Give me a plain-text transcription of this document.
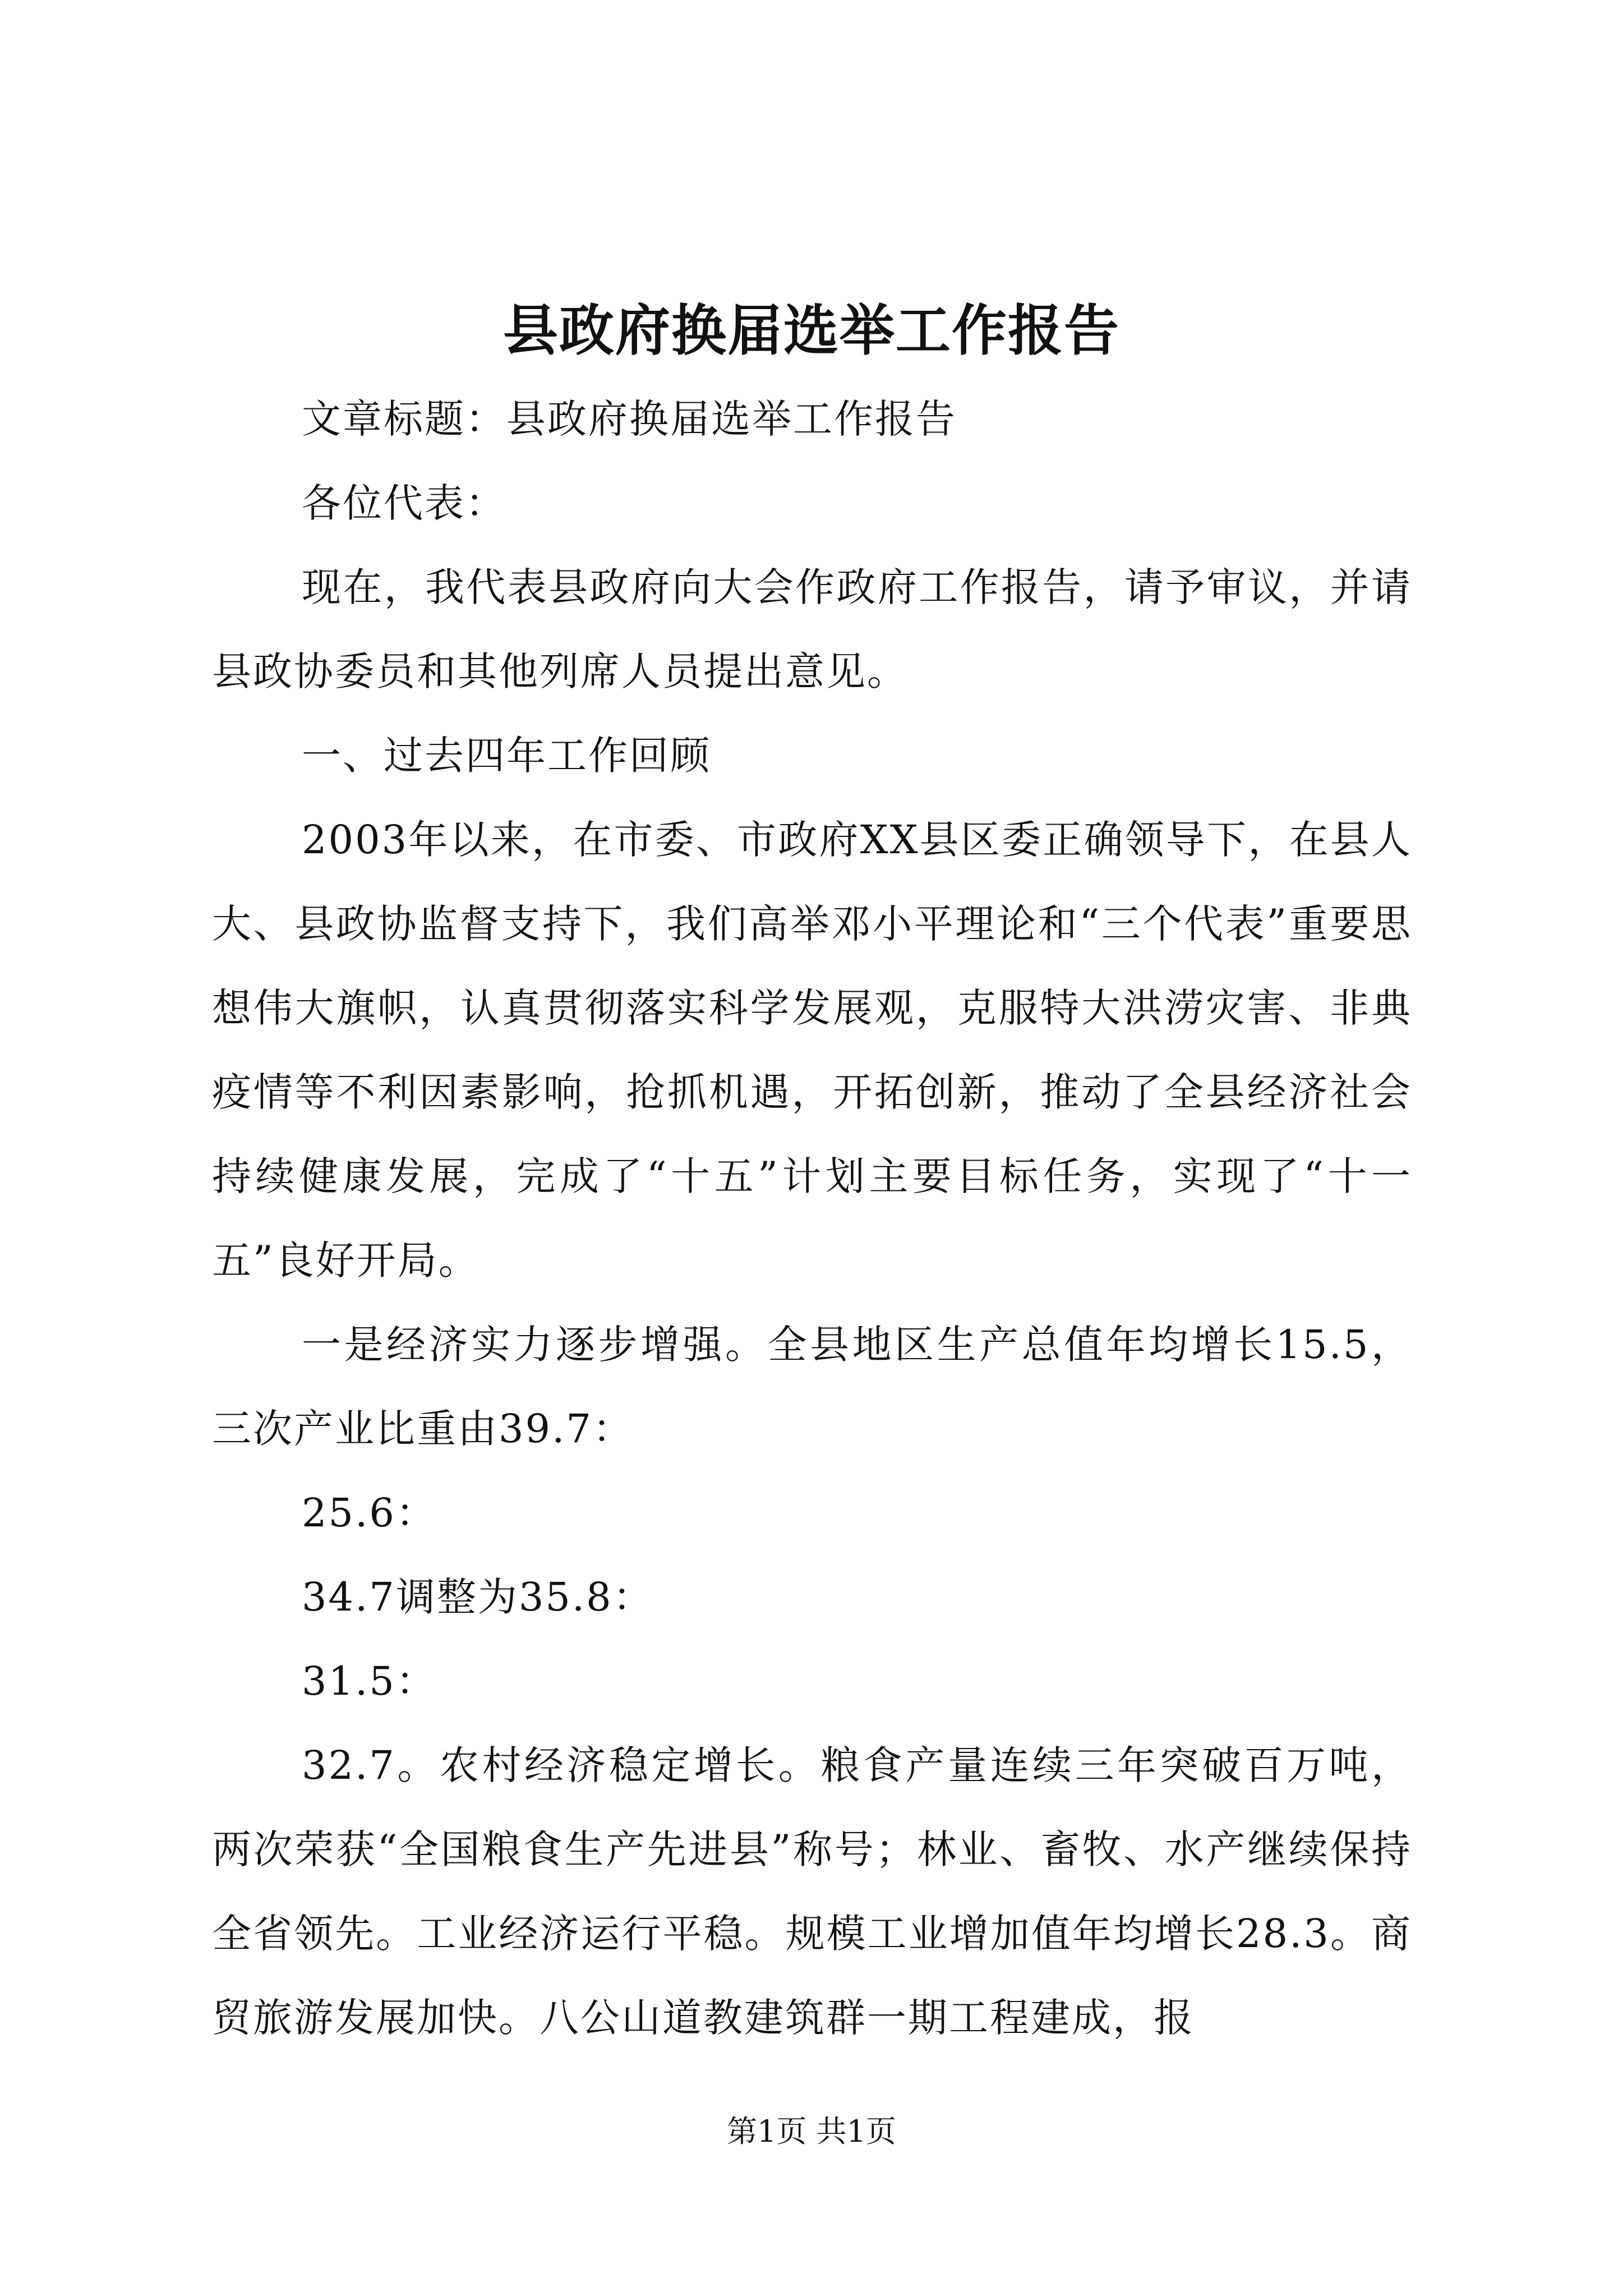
县政府换届选举工作报告

文章标题：县政府换届选举工作报告

各位代表：

现在，我代表县政府向大会作政府工作报告，请予审议，并请县政协委员和其他列席人员提出意见。

一、过去四年工作回顾

2003年以来，在市委、市政府XX县区委正确领导下，在县人大、县政协监督支持下，我们高举邓小平理论和“三个代表”重要思想伟大旗帜，认真贯彻落实科学发展观，克服特大洪涝灾害、非典疫情等不利因素影响，抢抓机遇，开拓创新，推动了全县经济社会持续健康发展，完成了“十五”计划主要目标任务，实现了“十一五”良好开局。

一是经济实力逐步增强。全县地区生产总值年均增长15.5，三次产业比重由39.7：

25.6：

34.7调整为35.8：

31.5：

32.7。农村经济稳定增长。粮食产量连续三年突破百万吨，两次荣获“全国粮食生产先进县”称号；林业、畜牧、水产继续保持全省领先。工业经济运行平稳。规模工业增加值年均增长28.3。商贸旅游发展加快。八公山道教建筑群一期工程建成，报

第1页 共1页
